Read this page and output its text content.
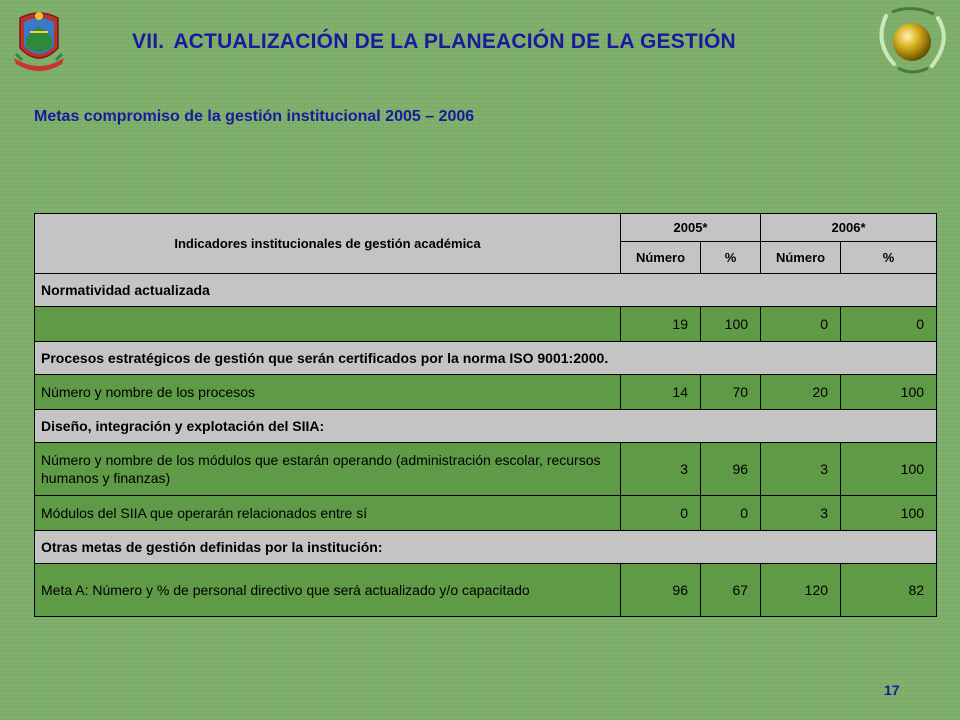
VII. ACTUALIZACIÓN DE LA PLANEACIÓN DE LA GESTIÓN
Metas compromiso de la gestión institucional 2005 – 2006
Indicadores institucionales de gestión académica	2005*		2006*	
	Número	%	Número	%
Normatividad actualizada				
	19	100	0	0
Procesos estratégicos de gestión que serán certificados por la norma ISO 9001:2000.				
Número y nombre de los procesos	14	70	20	100
Diseño, integración y explotación del SIIA:				
Número y nombre de los módulos que estarán operando (administración escolar, recursos humanos y finanzas)	3	96	3	100
Módulos del SIIA que operarán relacionados entre sí	0	0	3	100
Otras metas de gestión definidas por la institución:				
Meta A: Número y % de personal directivo que será actualizado y/o capacitado	96	67	120	82
17
